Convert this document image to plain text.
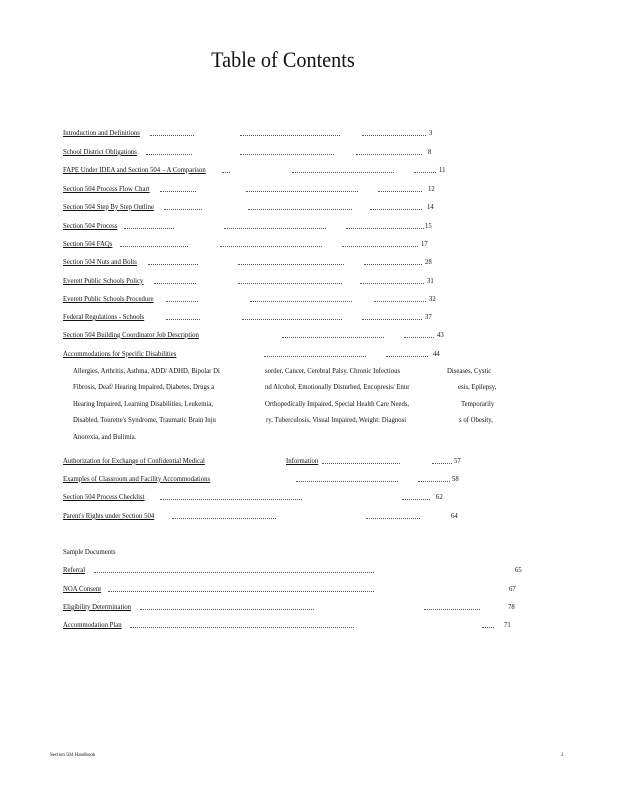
Table of Contents
Introduction and Definitions	3
School District Obligations	8
FAPE Under IDEA and Section 504 – A Comparison	11
Section 504 Process Flow Chart	12
Section 504 Step By Step Outline	14
Section 504 Process	15
Section 504 FAQs	17
Section 504 Nuts and Bolts	28
Everett Public Schools Policy	31
Everett Public Schools Procedure	32
Federal Regulations - Schools	37
Section 504 Building Coordinator Job Description	43
Accommodations for Specific Disabilities	44
Allergies, Arthritis, Asthma, ADD/ ADHD, Bipolar Di	sorder, Cancer, Cerebral Palsy, Chronic Infectious	Diseases, Cystic
Fibrosis, Deaf/ Hearing Impaired, Diabetes, Drugs a	nd Alcohol, Emotionally Disturbed, Encopresis/ Enur	esis, Epilepsy,
Hearing Impaired, Learning Disabilities, Leukemia,	Orthopedically Impaired, Special Health Care Needs,	Temporarily
Disabled, Tourette's Syndrome, Traumatic Brain Inju	ry, Tuberculosis, Visual Impaired, Weight: Diagnosi	s of Obesity,
Anorexia, and Bulimia.
Authorization for Exchange of Confidential Medical	Information	57
Examples of Classroom and Facility Accommodations	58
Section 504 Process Checklist	62
Parent's Rights under Section 504	64
Sample Documents
Referral	65
NOA Consent	67
Eligibility Determination	78
Accommodation Plan	71
Section 504 Handbook	2
